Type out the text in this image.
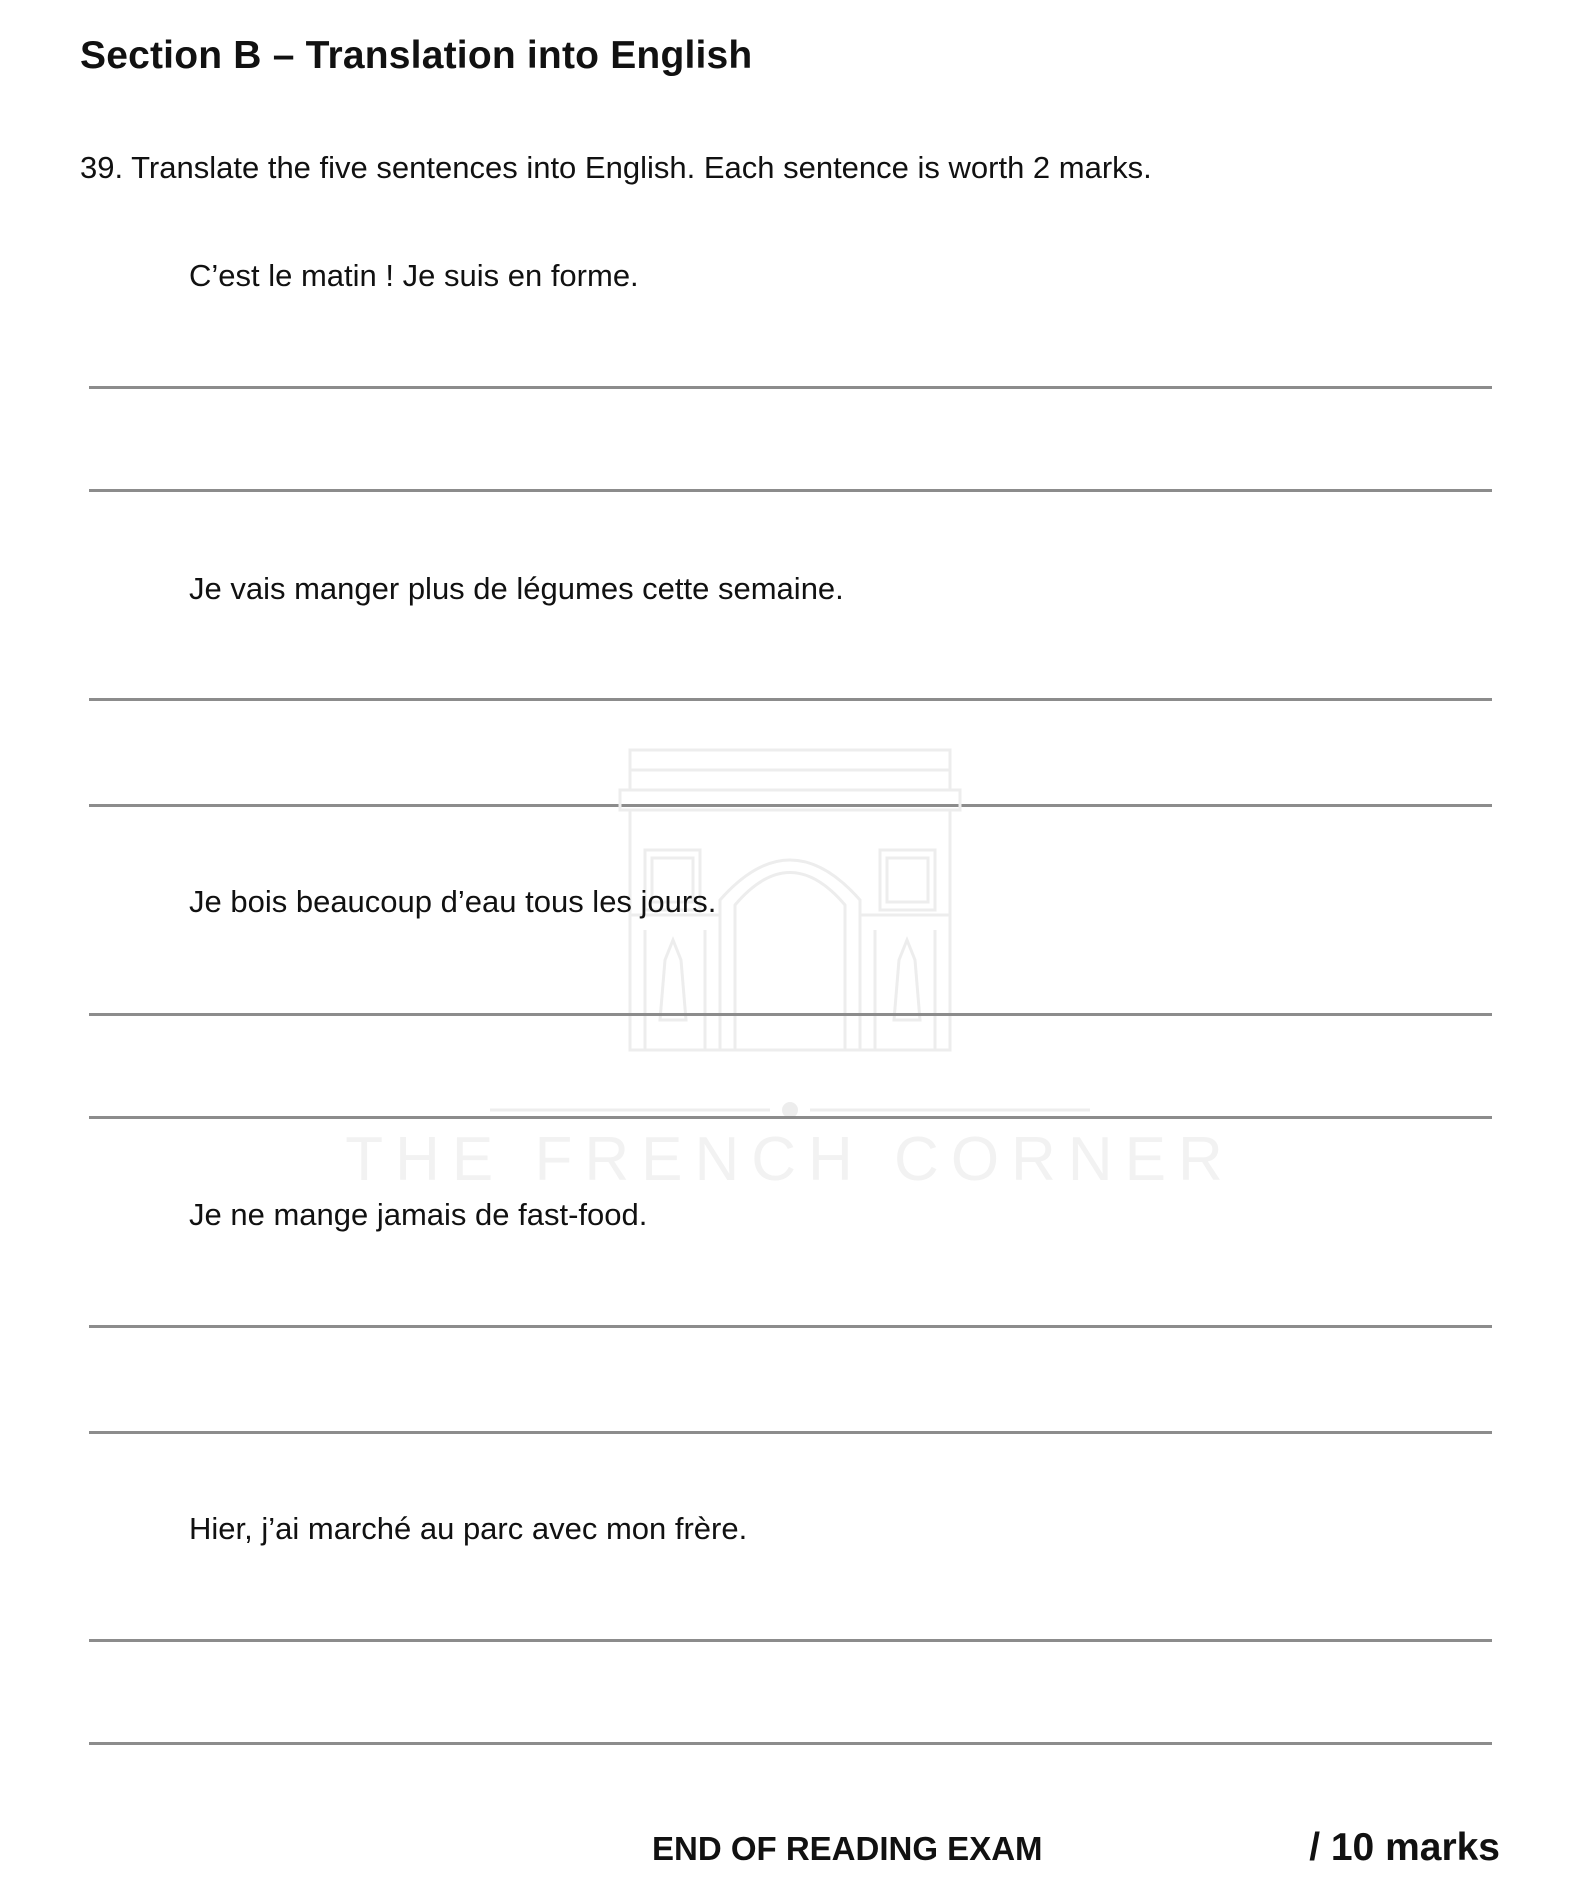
Section B – Translation into English

39. Translate the five sentences into English. Each sentence is worth 2 marks.

C’est le matin ! Je suis en forme.

Je vais manger plus de légumes cette semaine.

THE FRENCH CORNER

Je bois beaucoup d’eau tous les jours.

Je ne mange jamais de fast-food.

Hier, j’ai marché au parc avec mon frère.

END OF READING EXAM	/ 10 marks
